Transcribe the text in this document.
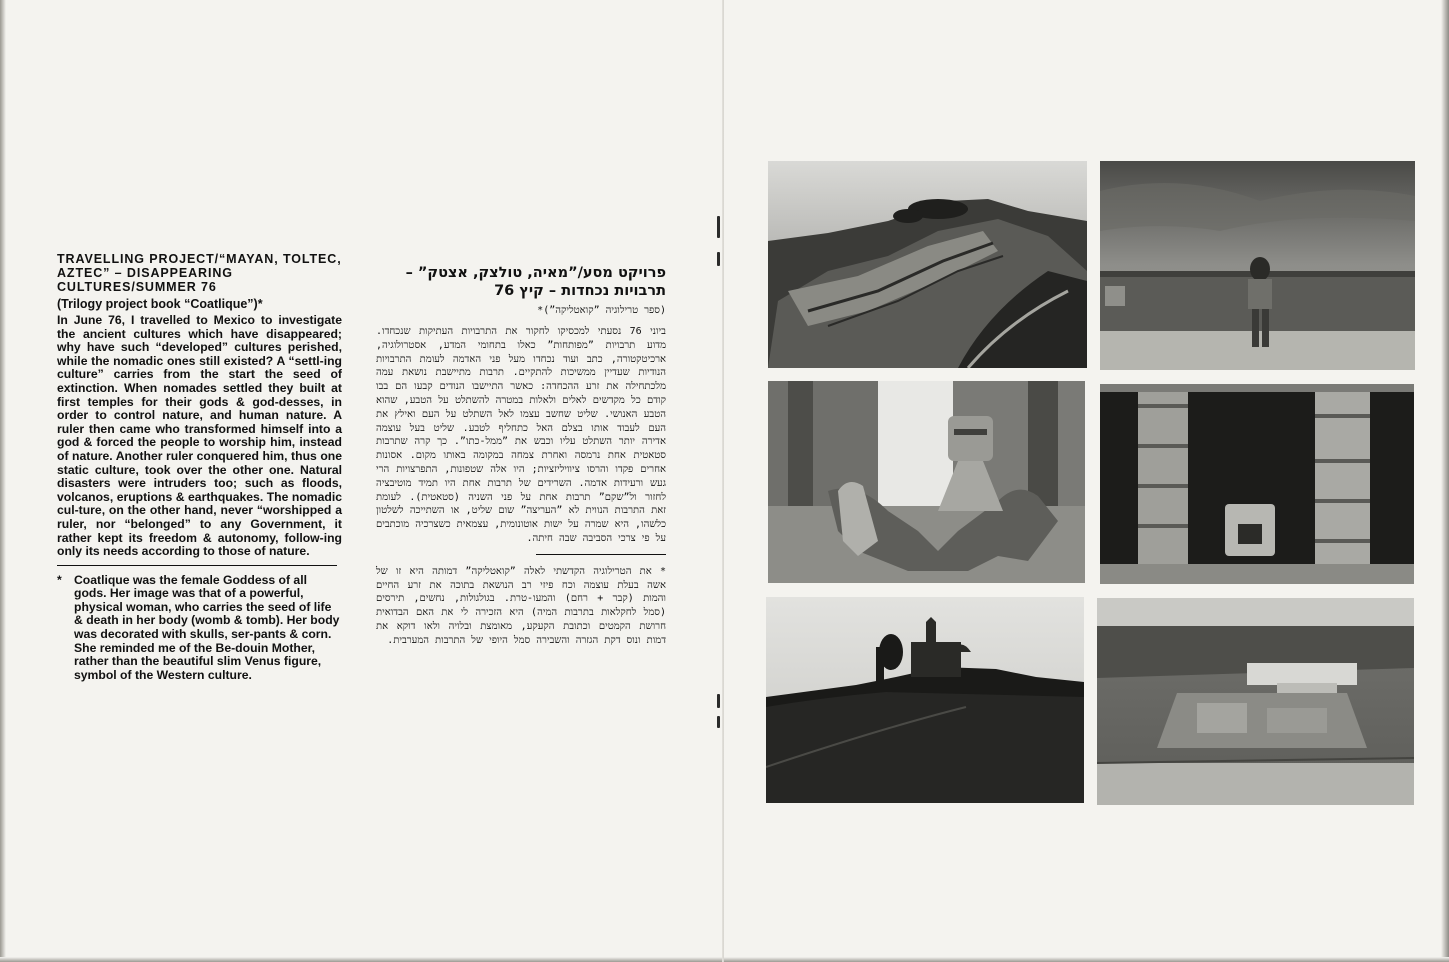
TRAVELLING PROJECT/“MAYAN, TOLTEC, AZTEC” – DISAPPEARING CULTURES/SUMMER 76
(Trilogy project book “Coatlique”)*

In June 76, I travelled to Mexico to investigate the ancient cultures which have disappeared; why have such “developed” cultures perished, while the nomadic ones still existed? A “settl-ing culture” carries from the start the seed of extinction. When nomades settled they built at first temples for their gods & god-desses, in order to control nature, and human nature. A ruler then came who transformed himself into a god & forced the people to worship him, instead of nature. Another ruler conquered him, thus one static culture, took over the other one. Natural disasters were intruders too; such as floods, volcanos, eruptions & earthquakes. The nomadic cul-ture, on the other hand, never “worshipped a ruler, nor “belonged” to any Government, it rather kept its freedom & autonomy, follow-ing only its needs according to those of nature.

*	Coatlique was the female Goddess of all gods. Her image was that of a powerful, physical woman, who carries the seed of life & death in her body (womb & tomb). Her body was decorated with skulls, ser-pants & corn. She reminded me of the Be-douin Mother, rather than the beautiful slim Venus figure, symbol of the Western culture.
פרויקט מסע/”מאיה, טולצק, אצטק” – תרבויות נכחדות – קיץ 76
(ספר טרילוגיה ”קואטליקה”)*

ביוני 76 נסעתי למכסיקו לחקור את התרבויות העתיקות שנכחדו. מדוע תרבויות ”מפותחות” כאלו בתחומי המדע, אסטרולוגיה, ארכיטקטורה, כתב ועוד נכחדו מעל פני האדמה לעומת התרבויות הנודיות שעדיין ממשיכות להתקיים. תרבות מתיישבת נושאת עמה מלכתחילה את זרע ההכחדה: כאשר התיישבו הנודים קבעו הם בבו קודם כל מקדשים לאלים ולאלות במטרה להשתלט על הטבע, שהוא הטבע האנושי. שליט שחשב עצמו לאל השתלט על העם ואילץ את העם לעבוד אותו בצלם האל כתחליף לטבע. שליט בעל עוצמה אדירה יותר השתלט עליו וכבש את ”ממל-כתו”. כך קרה שתרבות סטאטית אחת נרמסה ואחרת צמחה במקומה באותו מקום. אסונות אחרים פקדו והרסו ציוויליזציות; היו אלה שטפונות, התפרצויות הרי געש ורעידות אדמה. השרידים של תרבות אחת היו תמיד מוטיבציה לחזור ול”שקם” תרבות אחת על פני השניה (סטאטית). לעומת זאת התרבות הנווית לא ”העריצה” שום שליט, או השתייכה לשלטון כלשהו, היא שמרה על ישות אוטונומית, עצמאית כשצרכיה מוכתבים על פי צרכי הסביבה שבה חיתה.

* את הטרילוגיה הקדשתי לאלה ”קואטליקה” דמותה היא זו של אשה בעלת עוצמה וכח פיזי רב הנושאת בתוכה את זרע החיים והמות (קבר + רחם) והמעו-טרת. בגולגולות, נחשים, תירסים (סמל לחקלאות בתרבות המיה) היא הזכירה לי את האם הבדואית חרושת הקמטים וכתובת הקעקע, מאומצת ובלויה ולאו דוקא את דמות ונוס דקת הגזרה והשבירה סמל היופי של התרבות המערבית.
